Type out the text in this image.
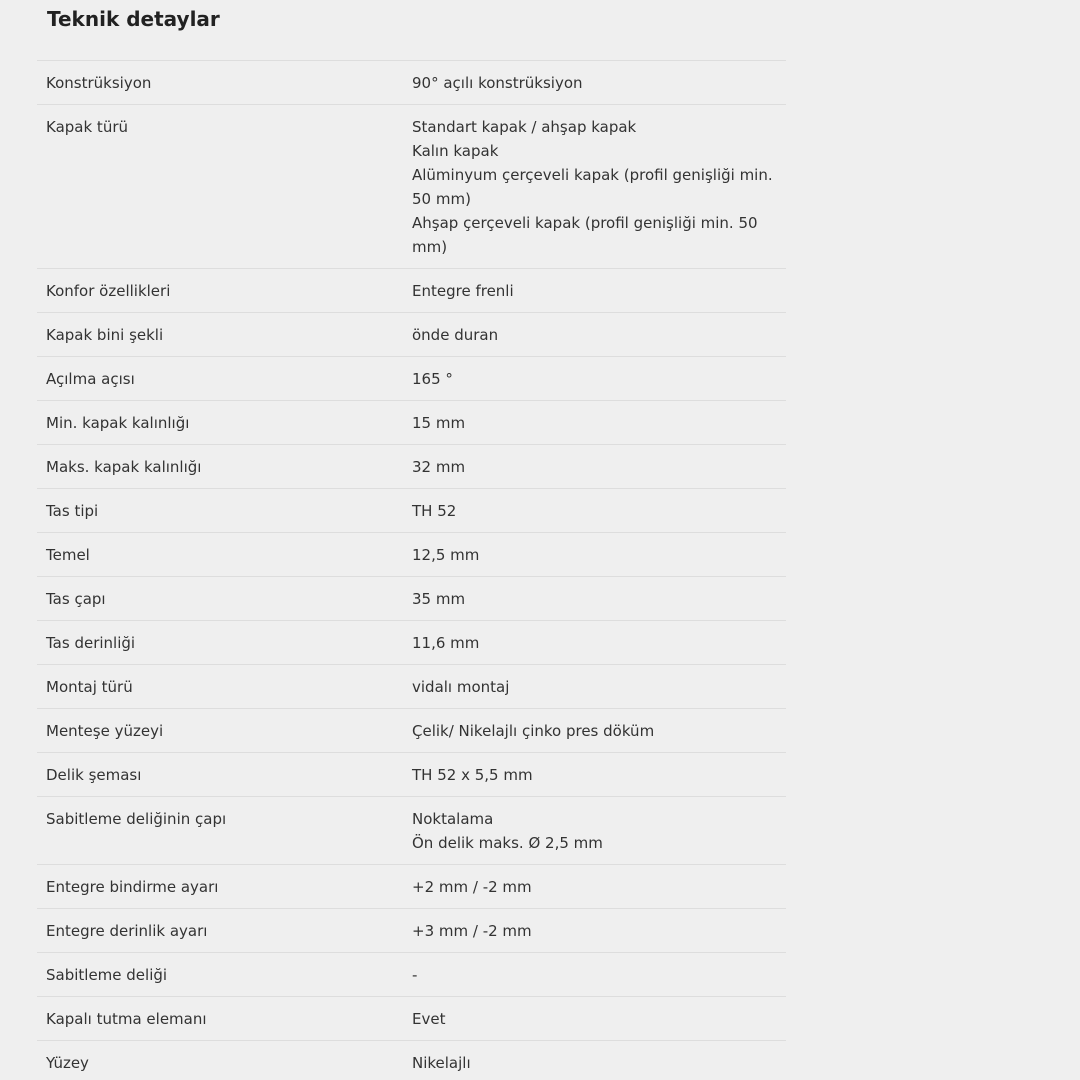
Teknik detaylar
Konstrüksiyon	90° açılı konstrüksiyon
Kapak türü	Standart kapak / ahşap kapak
Kalın kapak
Alüminyum çerçeveli kapak (profil genişliği min. 50 mm)
Ahşap çerçeveli kapak (profil genişliği min. 50 mm)
Konfor özellikleri	Entegre frenli
Kapak bini şekli	önde duran
Açılma açısı	165 °
Min. kapak kalınlığı	15 mm
Maks. kapak kalınlığı	32 mm
Tas tipi	TH 52
Temel	12,5 mm
Tas çapı	35 mm
Tas derinliği	11,6 mm
Montaj türü	vidalı montaj
Menteşe yüzeyi	Çelik/ Nikelajlı çinko pres döküm
Delik şeması	TH 52 x 5,5 mm
Sabitleme deliğinin çapı	Noktalama
Ön delik maks. Ø 2,5 mm
Entegre bindirme ayarı	+2 mm / -2 mm
Entegre derinlik ayarı	+3 mm / -2 mm
Sabitleme deliği	-
Kapalı tutma elemanı	Evet
Yüzey	Nikelajlı
